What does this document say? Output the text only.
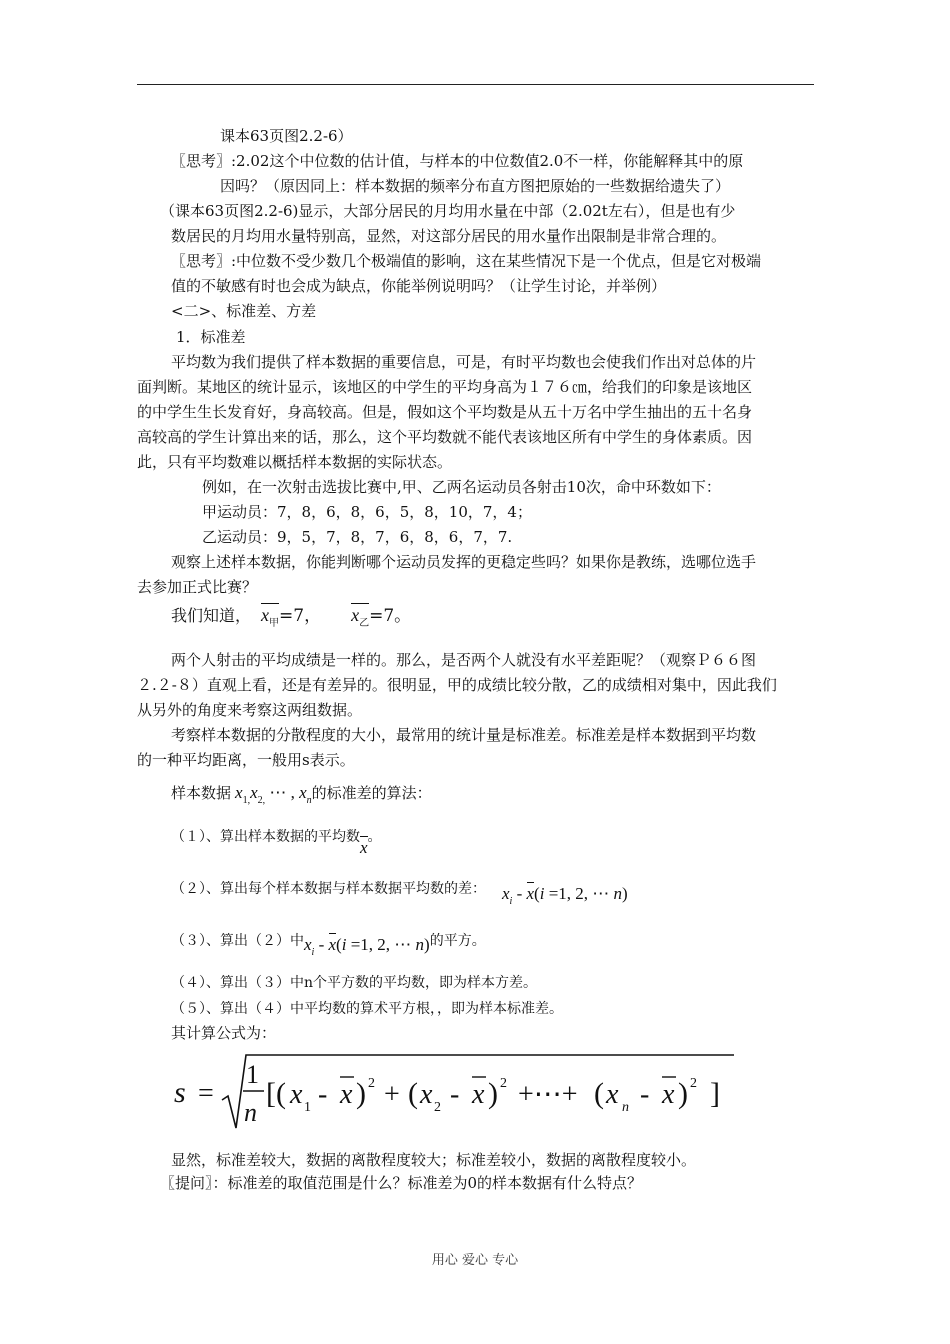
课本63页图2.2-6）
〖思考〗:2.02这个中位数的估计值，与样本的中位数值2.0不一样，你能解释其中的原
因吗？（原因同上：样本数据的频率分布直方图把原始的一些数据给遗失了）
（课本63页图2.2-6)显示，大部分居民的月均用水量在中部（2.02t左右），但是也有少
数居民的月均用水量特别高，显然，对这部分居民的用水量作出限制是非常合理的。
〖思考〗:中位数不受少数几个极端值的影响，这在某些情况下是一个优点，但是它对极端
值的不敏感有时也会成为缺点，你能举例说明吗？（让学生讨论，并举例）
<二>、标准差、方差
1．标准差
平均数为我们提供了样本数据的重要信息，可是，有时平均数也会使我们作出对总体的片
面判断。某地区的统计显示，该地区的中学生的平均身高为１７６㎝，给我们的印象是该地区
的中学生生长发育好，身高较高。但是，假如这个平均数是从五十万名中学生抽出的五十名身
高较高的学生计算出来的话，那么，这个平均数就不能代表该地区所有中学生的身体素质。因
此，只有平均数难以概括样本数据的实际状态。
例如，在一次射击选拔比赛中,甲、乙两名运动员各射击10次，命中环数如下：
甲运动员：7，8，6，8，6，5，8，10，7，4；
乙运动员：9，5，7，8，7，6，8，6，7，7.
观察上述样本数据，你能判断哪个运动员发挥的更稳定些吗？如果你是教练，选哪位选手
去参加正式比赛？
我们知道， $x_甲=7$， $x_乙=7$。
两个人射击的平均成绩是一样的。那么，是否两个人就没有水平差距呢？（观察Ｐ６６图
２.２-８）直观上看，还是有差异的。很明显，甲的成绩比较分散，乙的成绩相对集中，因此我们
从另外的角度来考察这两组数据。
考察样本数据的分散程度的大小，最常用的统计量是标准差。标准差是样本数据到平均数
的一种平均距离，一般用s表示。
样本数据 $x_{1,}x_{2,}$ ⋯ , $x_n$的标准差的算法：
（１）、算出样本数据的平均数x。
（２）、算出每个样本数据与样本数据平均数的差： $x_i - x(i =1$, 2, ⋯ n)
（３）、算出（２）中$x_i - x(i =1$, 2, ⋯ n)的平方。
（４）、算出（３）中n个平方数的平均数，即为样本方差。
（５）、算出（４）中平均数的算术平方根，，即为样本标准差。
其计算公式为：
s =
1
n
[( x 1 - x ) 2 + ( x 2 - x ) 2 +⋯+ ( x n - x ) 2 ]
显然，标准差较大，数据的离散程度较大；标准差较小，数据的离散程度较小。
〖提问〗：标准差的取值范围是什么？标准差为0的样本数据有什么特点？
用心 爱心 专心
